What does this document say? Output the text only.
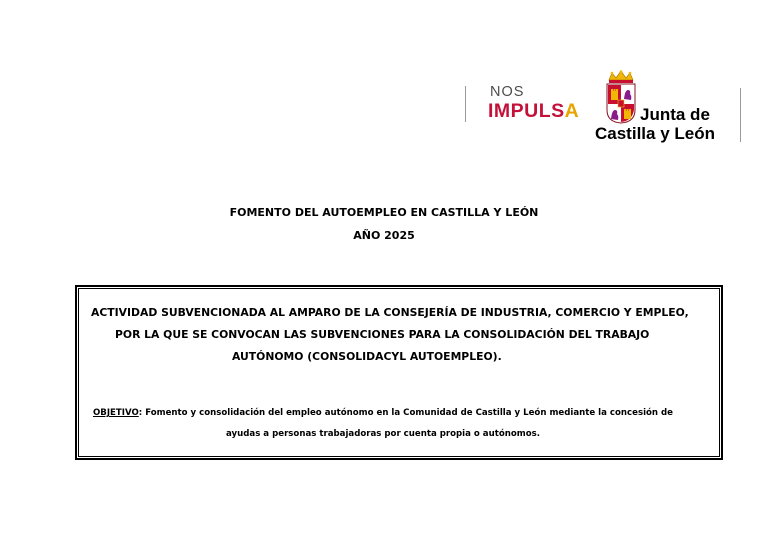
NOS
IMPULSA	Junta de
Castilla y León
FOMENTO DEL AUTOEMPLEO EN CASTILLA Y LEÓN
AÑO 2025
ACTIVIDAD SUBVENCIONADA AL AMPARO DE LA CONSEJERÍA DE INDUSTRIA, COMERCIO Y EMPLEO,
POR LA QUE SE CONVOCAN LAS SUBVENCIONES PARA LA CONSOLIDACIÓN DEL TRABAJO
AUTÓNOMO (CONSOLIDACYL AUTOEMPLEO).
OBJETIVO: Fomento y consolidación del empleo autónomo en la Comunidad de Castilla y León mediante la concesión de
ayudas a personas trabajadoras por cuenta propia o autónomos.
